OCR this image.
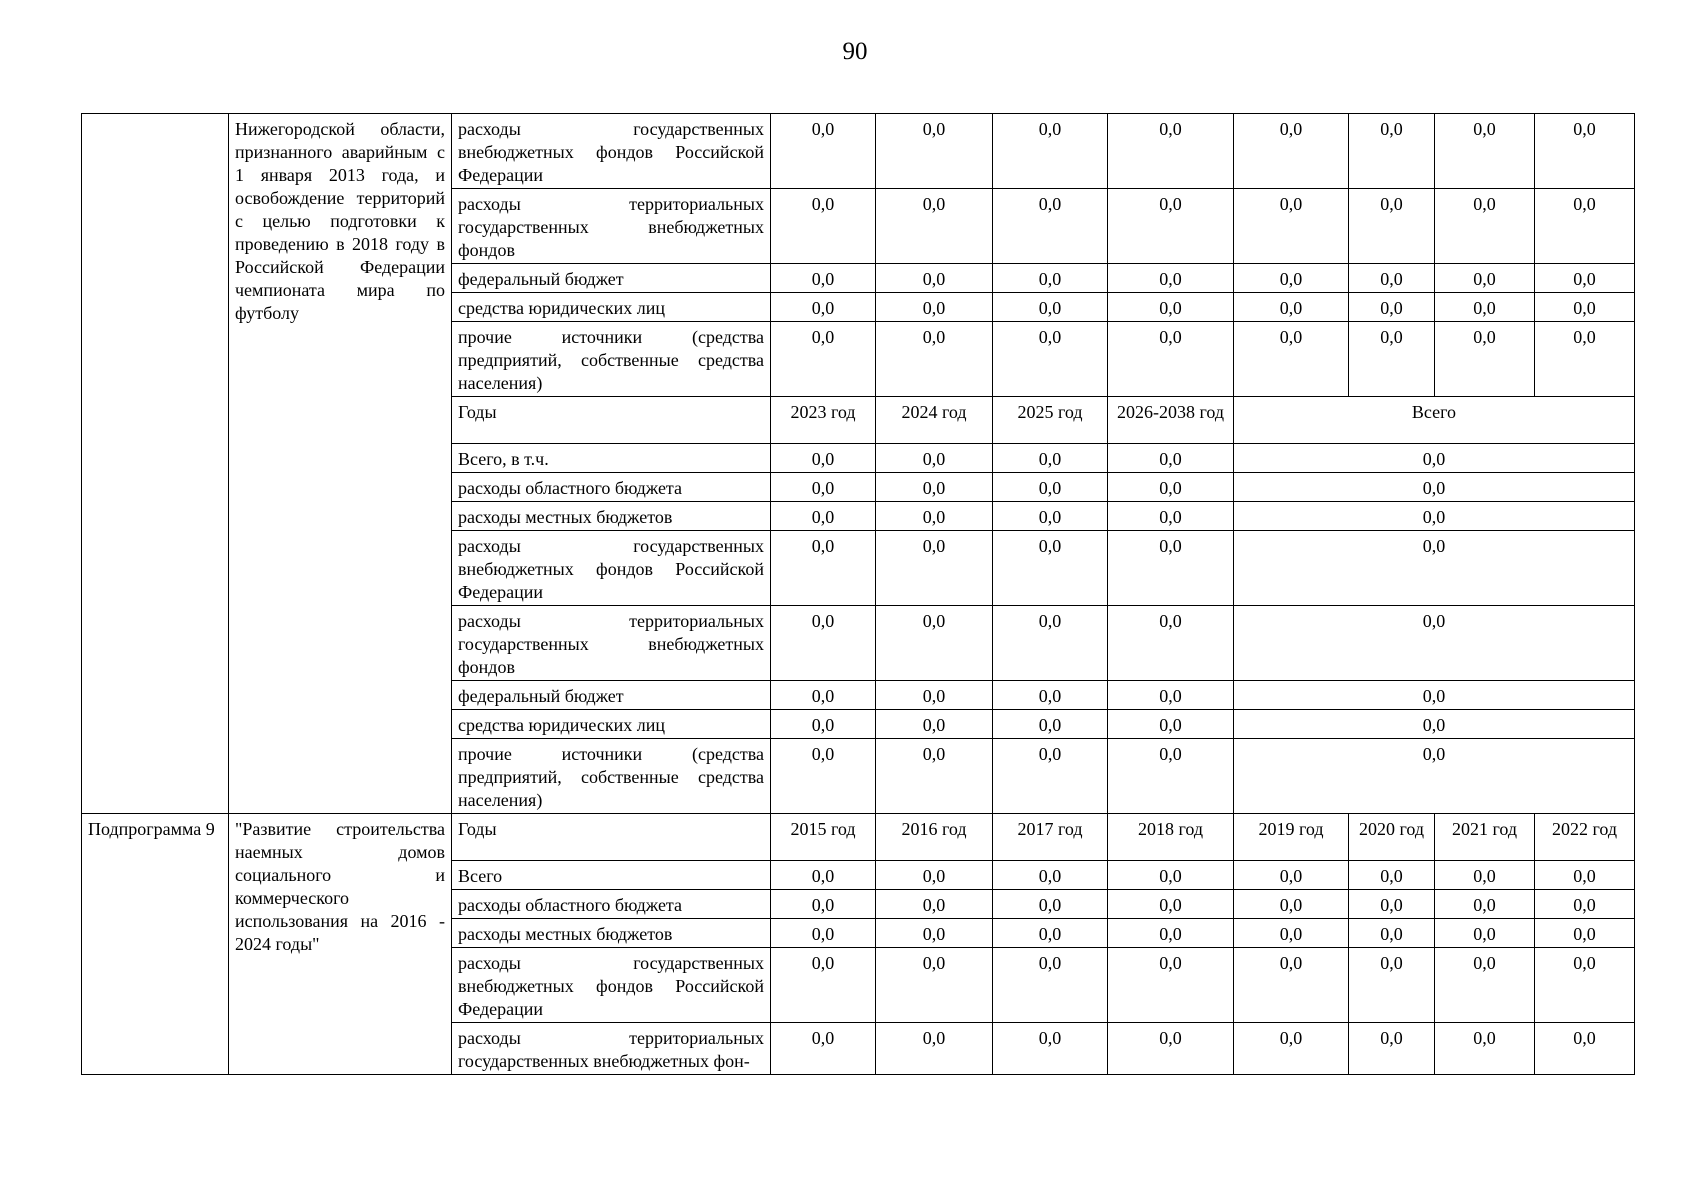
90
	Нижегородской области, признанного аварийным с 1 января 2013 года, и освобождение территорий с целью подготовки к проведению в 2018 году в Российской Федерации чемпионата мира по футболу	расходы государственных внебюджетных фондов Российской Федерации	0,0	0,0	0,0	0,0	0,0	0,0	0,0	0,0
		расходы территориальных государственных внебюджетных фондов	0,0	0,0	0,0	0,0	0,0	0,0	0,0	0,0
		федеральный бюджет	0,0	0,0	0,0	0,0	0,0	0,0	0,0	0,0
		средства юридических лиц	0,0	0,0	0,0	0,0	0,0	0,0	0,0	0,0
		прочие источники (средства предприятий, собственные средства населения)	0,0	0,0	0,0	0,0	0,0	0,0	0,0	0,0
		Годы	2023 год	2024 год	2025 год	2026-2038 год	Всего			
		Всего, в т.ч.	0,0	0,0	0,0	0,0	0,0			
		расходы областного бюджета	0,0	0,0	0,0	0,0	0,0			
		расходы местных бюджетов	0,0	0,0	0,0	0,0	0,0			
		расходы государственных внебюджетных фондов Российской Федерации	0,0	0,0	0,0	0,0	0,0			
		расходы территориальных государственных внебюджетных фондов	0,0	0,0	0,0	0,0	0,0			
		федеральный бюджет	0,0	0,0	0,0	0,0	0,0			
		средства юридических лиц	0,0	0,0	0,0	0,0	0,0			
		прочие источники (средства предприятий, собственные средства населения)	0,0	0,0	0,0	0,0	0,0			
Подпрограмма 9	"Развитие строительства наемных домов социального и коммерческого использования на 2016 - 2024 годы"	Годы	2015 год	2016 год	2017 год	2018 год	2019 год	2020 год	2021 год	2022 год
		Всего	0,0	0,0	0,0	0,0	0,0	0,0	0,0	0,0
		расходы областного бюджета	0,0	0,0	0,0	0,0	0,0	0,0	0,0	0,0
		расходы местных бюджетов	0,0	0,0	0,0	0,0	0,0	0,0	0,0	0,0
		расходы государственных внебюджетных фондов Российской Федерации	0,0	0,0	0,0	0,0	0,0	0,0	0,0	0,0
		расходы территориальных государственных внебюджетных фон-	0,0	0,0	0,0	0,0	0,0	0,0	0,0	0,0
